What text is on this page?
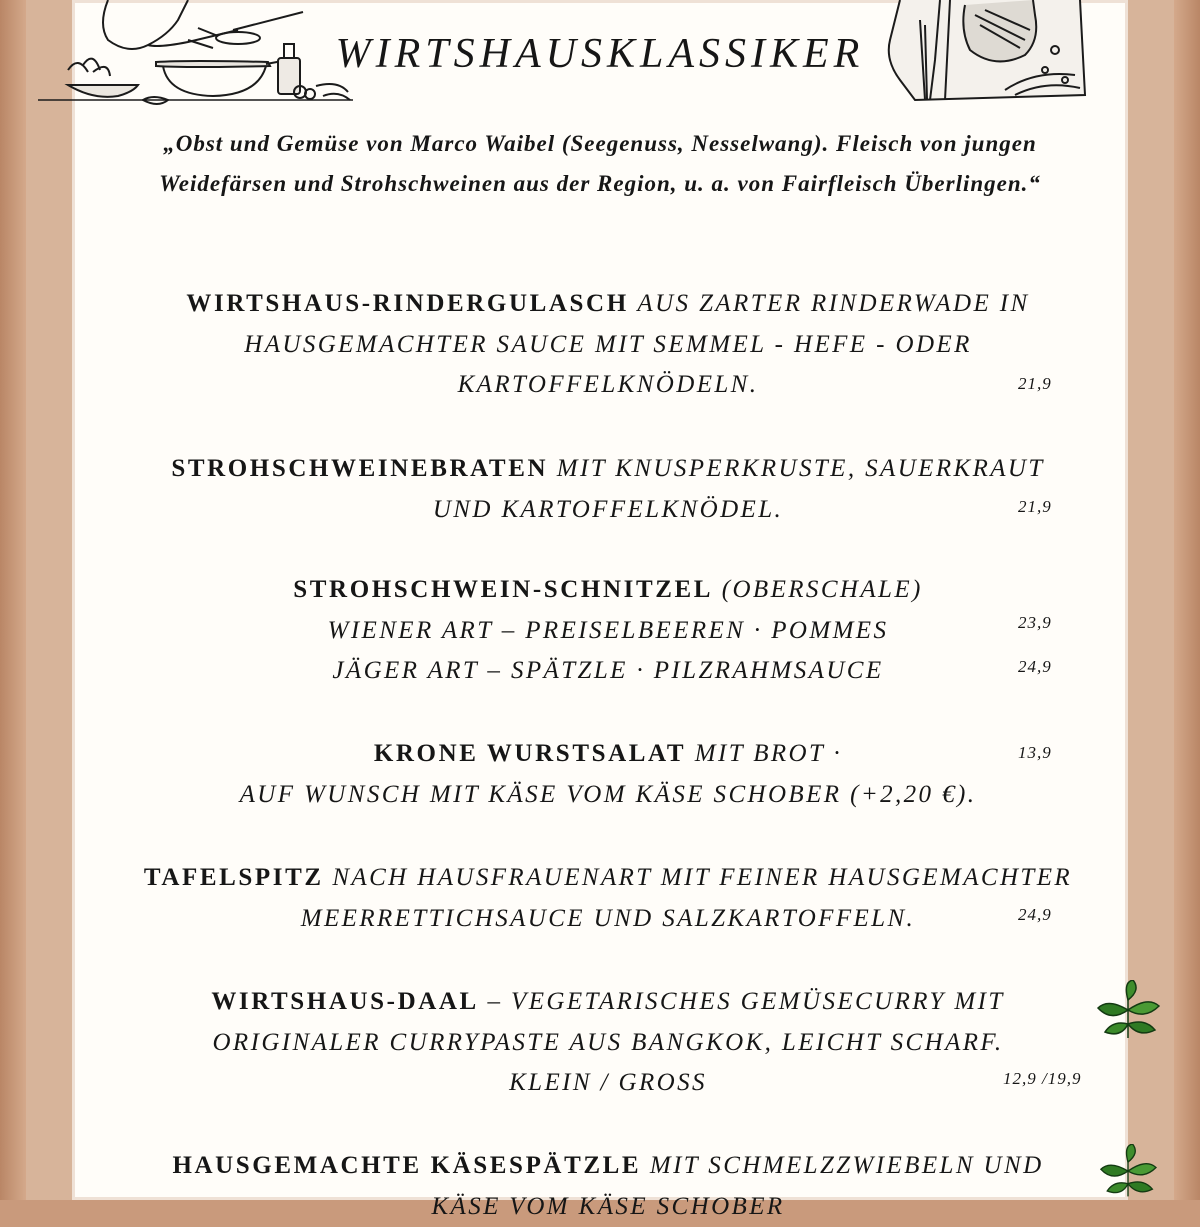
WIRTSHAUSKLASSIKER

„Obst und Gemüse von Marco Waibel (Seegenuss, Nesselwang). Fleisch von jungen Weidefärsen und Strohschweinen aus der Region, u. a. von Fairfleisch Überlingen.“

WIRTSHAUS-RINDERGULASCH AUS ZARTER RINDERWADE IN
HAUSGEMACHTER SAUCE MIT SEMMEL - HEFE - ODER
KARTOFFELKNÖDELN.	21,9
STROHSCHWEINEBRATEN MIT KNUSPERKRUSTE, SAUERKRAUT
UND KARTOFFELKNÖDEL.	21,9
STROHSCHWEIN-SCHNITZEL (OBERSCHALE)
WIENER ART – PREISELBEEREN · POMMES
JÄGER ART – SPÄTZLE · PILZRAHMSAUCE
23,9
24,9
KRONE WURSTSALAT MIT BROT ·
AUF WUNSCH MIT KÄSE VOM KÄSE SCHOBER (+2,20 €).
13,9
TAFELSPITZ NACH HAUSFRAUENART MIT FEINER HAUSGEMACHTER
MEERRETTICHSAUCE UND SALZKARTOFFELN.	24,9
WIRTSHAUS-DAAL – VEGETARISCHES GEMÜSECURRY MIT
ORIGINALER CURRYPASTE AUS BANGKOK, LEICHT SCHARF.
KLEIN / GROSS	12,9 /19,9
HAUSGEMACHTE KÄSESPÄTZLE MIT SCHMELZZWIEBELN UND
KÄSE VOM KÄSE SCHOBER
